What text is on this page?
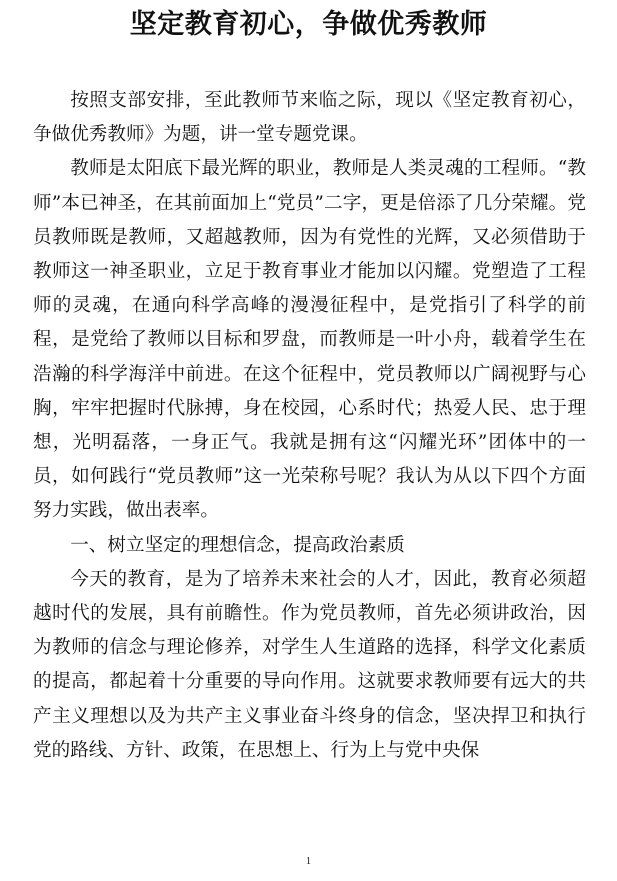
坚定教育初心，争做优秀教师

按照支部安排，至此教师节来临之际，现以《坚定教育初心，争做优秀教师》为题，讲一堂专题党课。

教师是太阳底下最光辉的职业，教师是人类灵魂的工程师。“教师”本已神圣，在其前面加上“党员”二字，更是倍添了几分荣耀。党员教师既是教师，又超越教师，因为有党性的光辉，又必须借助于教师这一神圣职业，立足于教育事业才能加以闪耀。党塑造了工程师的灵魂，在通向科学高峰的漫漫征程中，是党指引了科学的前程，是党给了教师以目标和罗盘，而教师是一叶小舟，载着学生在浩瀚的科学海洋中前进。在这个征程中，党员教师以广阔视野与心胸，牢牢把握时代脉搏，身在校园，心系时代；热爱人民、忠于理想，光明磊落，一身正气。我就是拥有这“闪耀光环”团体中的一员，如何践行“党员教师”这一光荣称号呢？我认为从以下四个方面努力实践，做出表率。

一、树立坚定的理想信念，提高政治素质

今天的教育，是为了培养未来社会的人才，因此，教育必须超越时代的发展，具有前瞻性。作为党员教师，首先必须讲政治，因为教师的信念与理论修养，对学生人生道路的选择，科学文化素质的提高，都起着十分重要的导向作用。这就要求教师要有远大的共产主义理想以及为共产主义事业奋斗终身的信念，坚决捍卫和执行党的路线、方针、政策，在思想上、行为上与党中央保

1
